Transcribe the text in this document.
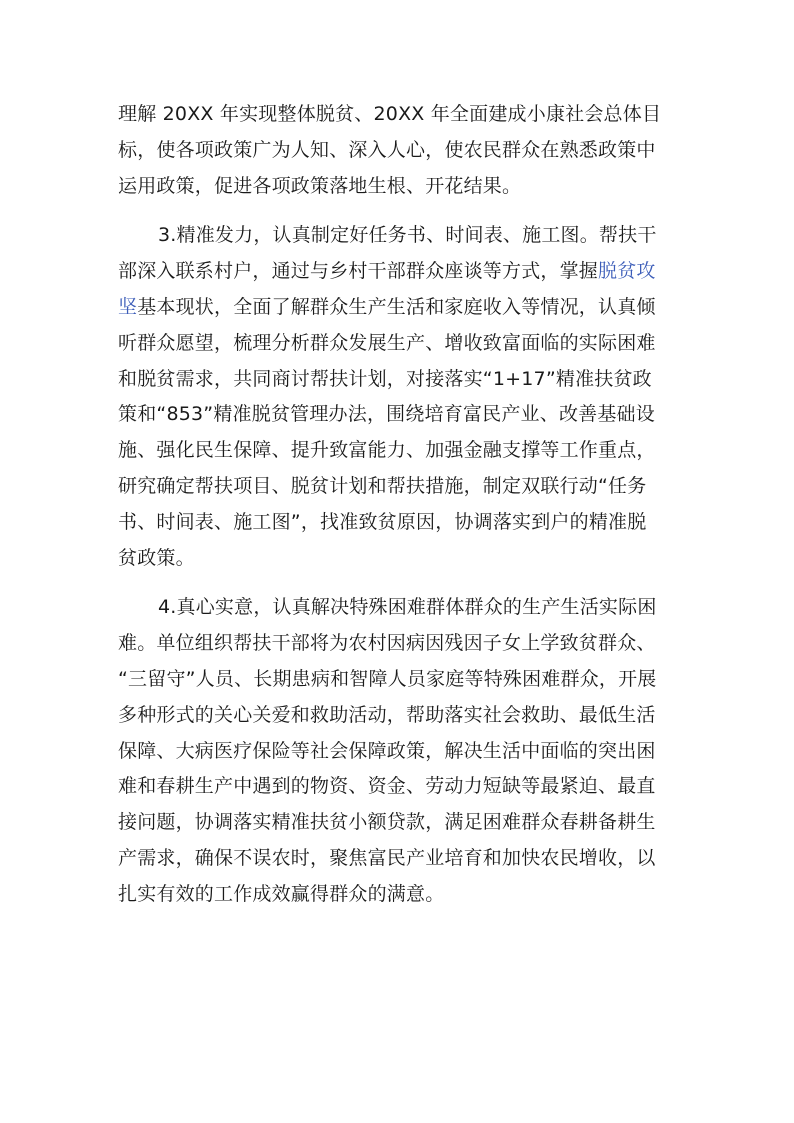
理解 20XX 年实现整体脱贫、20XX 年全面建成小康社会总体目
标，使各项政策广为人知、深入人心，使农民群众在熟悉政策中
运用政策，促进各项政策落地生根、开花结果。
3.精准发力，认真制定好任务书、时间表、施工图。帮扶干
部深入联系村户，通过与乡村干部群众座谈等方式，掌握脱贫攻
坚基本现状，全面了解群众生产生活和家庭收入等情况，认真倾
听群众愿望，梳理分析群众发展生产、增收致富面临的实际困难
和脱贫需求，共同商讨帮扶计划，对接落实“1+17”精准扶贫政
策和“853”精准脱贫管理办法，围绕培育富民产业、改善基础设
施、强化民生保障、提升致富能力、加强金融支撑等工作重点，
研究确定帮扶项目、脱贫计划和帮扶措施，制定双联行动“任务
书、时间表、施工图”，找准致贫原因，协调落实到户的精准脱
贫政策。
4.真心实意，认真解决特殊困难群体群众的生产生活实际困
难。单位组织帮扶干部将为农村因病因残因子女上学致贫群众、
“三留守”人员、长期患病和智障人员家庭等特殊困难群众，开展
多种形式的关心关爱和救助活动，帮助落实社会救助、最低生活
保障、大病医疗保险等社会保障政策，解决生活中面临的突出困
难和春耕生产中遇到的物资、资金、劳动力短缺等最紧迫、最直
接问题，协调落实精准扶贫小额贷款，满足困难群众春耕备耕生
产需求，确保不误农时，聚焦富民产业培育和加快农民增收，以
扎实有效的工作成效赢得群众的满意。
